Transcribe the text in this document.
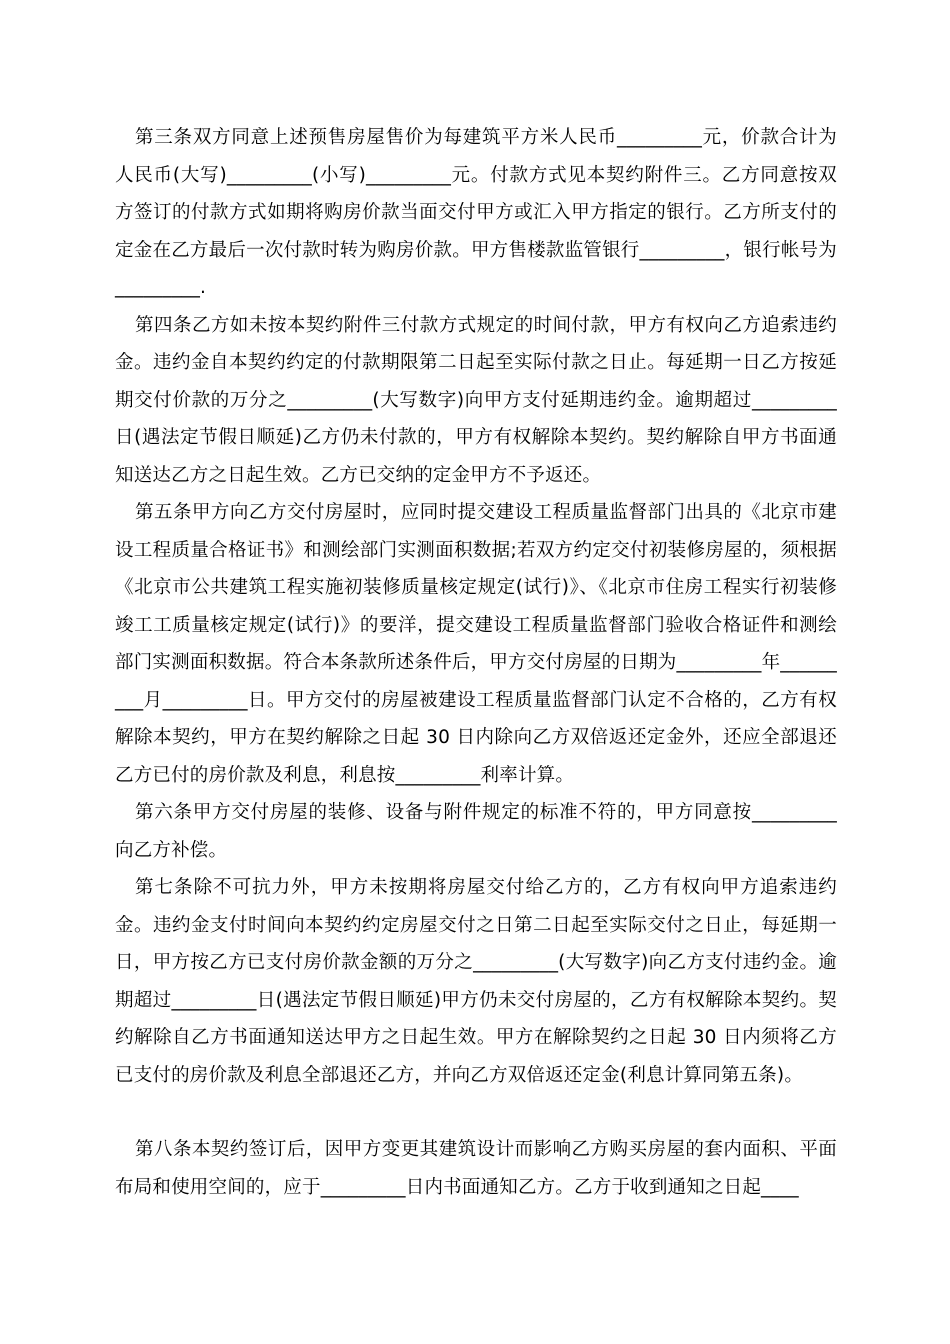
第三条双方同意上述预售房屋售价为每建筑平方米人民币_________元，价款合计为人民币(大写)_________(小写)_________元。付款方式见本契约附件三。乙方同意按双方签订的付款方式如期将购房价款当面交付甲方或汇入甲方指定的银行。乙方所支付的定金在乙方最后一次付款时转为购房价款。甲方售楼款监管银行_________，银行帐号为_________.

第四条乙方如未按本契约附件三付款方式规定的时间付款，甲方有权向乙方追索违约金。违约金自本契约约定的付款期限第二日起至实际付款之日止。每延期一日乙方按延期交付价款的万分之_________(大写数字)向甲方支付延期违约金。逾期超过_________日(遇法定节假日顺延)乙方仍未付款的，甲方有权解除本契约。契约解除自甲方书面通知送达乙方之日起生效。乙方已交纳的定金甲方不予返还。

第五条甲方向乙方交付房屋时，应同时提交建设工程质量监督部门出具的《北京市建设工程质量合格证书》和测绘部门实测面积数据;若双方约定交付初装修房屋的，须根据《北京市公共建筑工程实施初装修质量核定规定(试行)》、《北京市住房工程实行初装修竣工工质量核定规定(试行)》的要洋，提交建设工程质量监督部门验收合格证件和测绘部门实测面积数据。符合本条款所述条件后，甲方交付房屋的日期为_________年_________月_________日。甲方交付的房屋被建设工程质量监督部门认定不合格的，乙方有权解除本契约，甲方在契约解除之日起 30 日内除向乙方双倍返还定金外，还应全部退还乙方已付的房价款及利息，利息按_________利率计算。

第六条甲方交付房屋的装修、设备与附件规定的标准不符的，甲方同意按_________向乙方补偿。

第七条除不可抗力外，甲方未按期将房屋交付给乙方的，乙方有权向甲方追索违约金。违约金支付时间向本契约约定房屋交付之日第二日起至实际交付之日止，每延期一日，甲方按乙方已支付房价款金额的万分之_________(大写数字)向乙方支付违约金。逾期超过_________日(遇法定节假日顺延)甲方仍未交付房屋的，乙方有权解除本契约。契约解除自乙方书面通知送达甲方之日起生效。甲方在解除契约之日起 30 日内须将乙方已支付的房价款及利息全部退还乙方，并向乙方双倍返还定金(利息计算同第五条)。

第八条本契约签订后，因甲方变更其建筑设计而影响乙方购买房屋的套内面积、平面布局和使用空间的，应于_________日内书面通知乙方。乙方于收到通知之日起____
